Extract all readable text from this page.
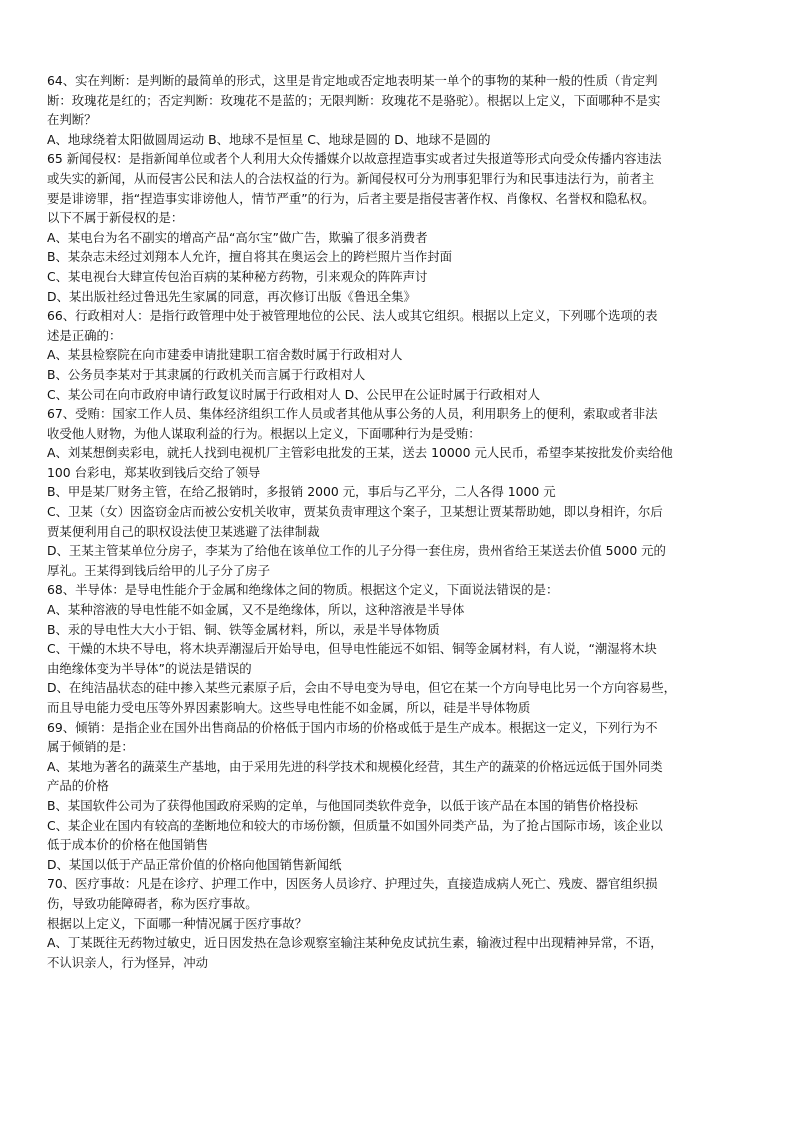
64、实在判断：是判断的最简单的形式，这里是肯定地或否定地表明某一单个的事物的某种一般的性质（肯定判
断：玫瑰花是红的；否定判断：玫瑰花不是蓝的；无限判断：玫瑰花不是骆驼）。根据以上定义，下面哪种不是实
在判断？
A、地球绕着太阳做圆周运动 B、地球不是恒星 C、地球是圆的 D、地球不是圆的
65 新闻侵权：是指新闻单位或者个人利用大众传播媒介以故意捏造事实或者过失报道等形式向受众传播内容违法
或失实的新闻，从而侵害公民和法人的合法权益的行为。新闻侵权可分为刑事犯罪行为和民事违法行为，前者主
要是诽谤罪，指“捏造事实诽谤他人，情节严重”的行为，后者主要是指侵害著作权、肖像权、名誉权和隐私权。
以下不属于新侵权的是：
A、某电台为名不副实的增高产品“高尔宝”做广告，欺骗了很多消费者
B、某杂志未经过刘翔本人允许，擅自将其在奥运会上的跨栏照片当作封面
C、某电视台大肆宣传包治百病的某种秘方药物，引来观众的阵阵声讨
D、某出版社经过鲁迅先生家属的同意，再次修订出版《鲁迅全集》
66、行政相对人：是指行政管理中处于被管理地位的公民、法人或其它组织。根据以上定义，下列哪个选项的表
述是正确的：
A、某县检察院在向市建委申请批建职工宿舍数时属于行政相对人
B、公务员李某对于其隶属的行政机关而言属于行政相对人
C、某公司在向市政府申请行政复议时属于行政相对人 D、公民甲在公证时属于行政相对人
67、受贿：国家工作人员、集体经济组织工作人员或者其他从事公务的人员，利用职务上的便利，索取或者非法
收受他人财物，为他人谋取利益的行为。根据以上定义，下面哪种行为是受贿：
A、刘某想倒卖彩电，就托人找到电视机厂主管彩电批发的王某，送去 10000 元人民币，希望李某按批发价卖给他
100 台彩电，郑某收到钱后交给了领导
B、甲是某厂财务主管，在给乙报销时，多报销 2000 元，事后与乙平分，二人各得 1000 元
C、卫某（女）因盗窃金店而被公安机关收审，贾某负责审理这个案子，卫某想让贾某帮助她，即以身相许，尔后
贾某便利用自己的职权设法使卫某逃避了法律制裁
D、王某主管某单位分房子，李某为了给他在该单位工作的儿子分得一套住房，贵州省给王某送去价值 5000 元的
厚礼。王某得到钱后给甲的儿子分了房子
68、半导体：是导电性能介于金属和绝缘体之间的物质。根据这个定义，下面说法错误的是：
A、某种溶液的导电性能不如金属，又不是绝缘体，所以，这种溶液是半导体
B、汞的导电性大大小于铝、铜、铁等金属材料，所以，汞是半导体物质
C、干燥的木块不导电，将木块弄潮湿后开始导电，但导电性能远不如铝、铜等金属材料，有人说，“潮湿将木块
由绝缘体变为半导体”的说法是错误的
D、在纯洁晶状态的硅中掺入某些元素原子后，会由不导电变为导电，但它在某一个方向导电比另一个方向容易些，
而且导电能力受电压等外界因素影响大。这些导电性能不如金属，所以，硅是半导体物质
69、倾销：是指企业在国外出售商品的价格低于国内市场的价格或低于是生产成本。根据这一定义，下列行为不
属于倾销的是：
A、某地为著名的蔬菜生产基地，由于采用先进的科学技术和规模化经营，其生产的蔬菜的价格远远低于国外同类
产品的价格
B、某国软件公司为了获得他国政府采购的定单，与他国同类软件竞争，以低于该产品在本国的销售价格投标
C、某企业在国内有较高的垄断地位和较大的市场份额，但质量不如国外同类产品，为了抢占国际市场，该企业以
低于成本价的价格在他国销售
D、某国以低于产品正常价值的价格向他国销售新闻纸
70、医疗事故：凡是在诊疗、护理工作中，因医务人员诊疗、护理过失，直接造成病人死亡、残废、器官组织损
伤，导致功能障碍者，称为医疗事故。
根据以上定义，下面哪一种情况属于医疗事故？
A、丁某既往无药物过敏史，近日因发热在急诊观察室输注某种免皮试抗生素，输液过程中出现精神异常，不语，
不认识亲人，行为怪异，冲动
